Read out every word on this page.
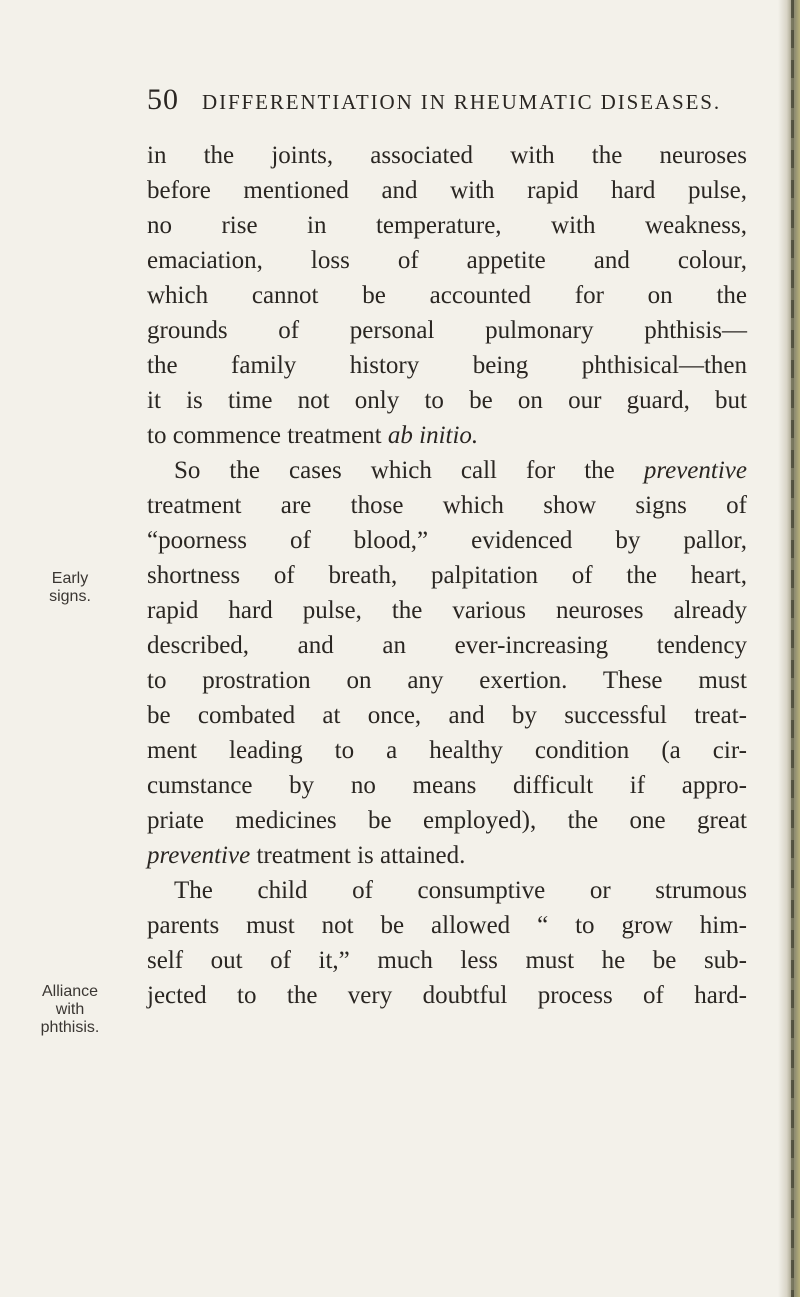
50 DIFFERENTIATION IN RHEUMATIC DISEASES.
Early
signs.
Alliance
with
phthisis.
in the joints, associated with the neuroses
before mentioned and with rapid hard pulse,
no rise in temperature, with weakness,
emaciation, loss of appetite and colour,
which cannot be accounted for on the
grounds of personal pulmonary phthisis—
the family history being phthisical—then
it is time not only to be on our guard, but
to commence treatment ab initio.
So the cases which call for the preventive
treatment are those which show signs of
“poorness of blood,” evidenced by pallor,
shortness of breath, palpitation of the heart,
rapid hard pulse, the various neuroses already
described, and an ever-increasing tendency
to prostration on any exertion. These must
be combated at once, and by successful treat-
ment leading to a healthy condition (a cir-
cumstance by no means difficult if appro-
priate medicines be employed), the one great
preventive treatment is attained.
The child of consumptive or strumous
parents must not be allowed “ to grow him-
self out of it,” much less must he be sub-
jected to the very doubtful process of hard-
